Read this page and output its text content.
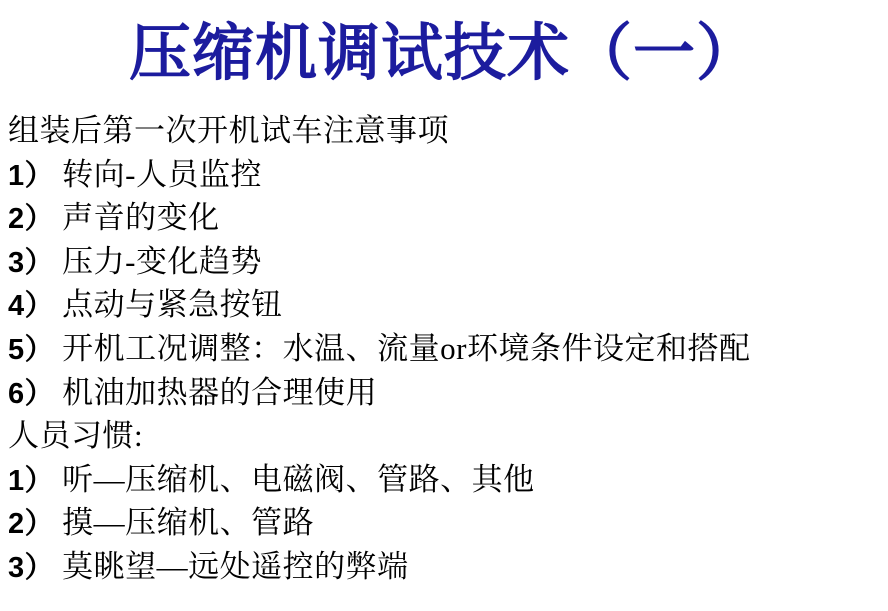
压缩机调试技术（一）
组装后第一次开机试车注意事项
1） 转向-人员监控
2） 声音的变化
3） 压力-变化趋势
4） 点动与紧急按钮
5） 开机工况调整：水温、流量or环境条件设定和搭配
6） 机油加热器的合理使用
人员习惯:
1） 听—压缩机、电磁阀、管路、其他
2） 摸—压缩机、管路
3） 莫眺望—远处遥控的弊端
